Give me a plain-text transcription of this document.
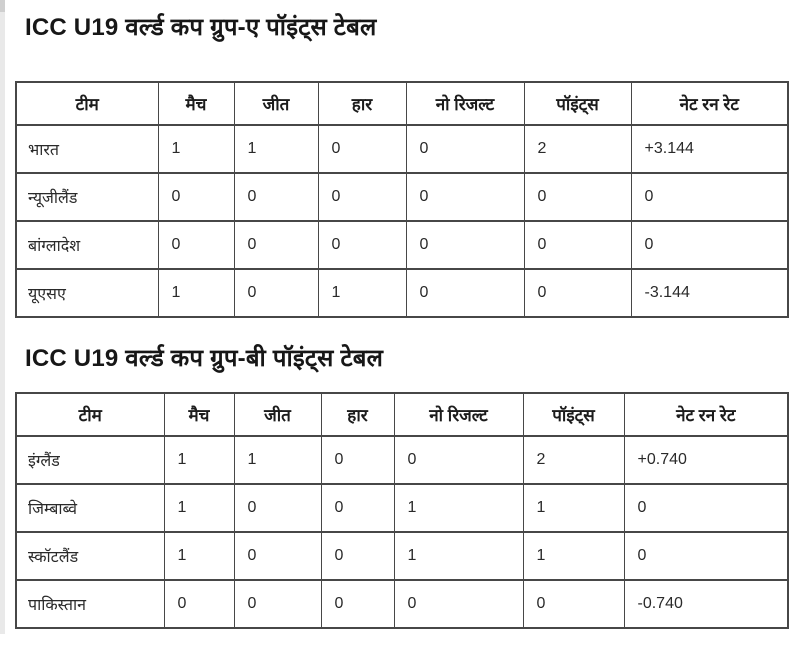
ICC U19 वर्ल्ड कप ग्रुप-ए पॉइंट्स टेबल
टीम	मैच	जीत	हार	नो रिजल्ट	पॉइंट्स	नेट रन रेट
भारत	1	1	0	0	2	+3.144
न्यूजीलैंड	0	0	0	0	0	0
बांग्लादेश	0	0	0	0	0	0
यूएसए	1	0	1	0	0	-3.144
ICC U19 वर्ल्ड कप ग्रुप-बी पॉइंट्स टेबल
टीम	मैच	जीत	हार	नो रिजल्ट	पॉइंट्स	नेट रन रेट
इंग्लैंड	1	1	0	0	2	+0.740
जिम्बाब्वे	1	0	0	1	1	0
स्कॉटलैंड	1	0	0	1	1	0
पाकिस्तान	0	0	0	0	0	-0.740
